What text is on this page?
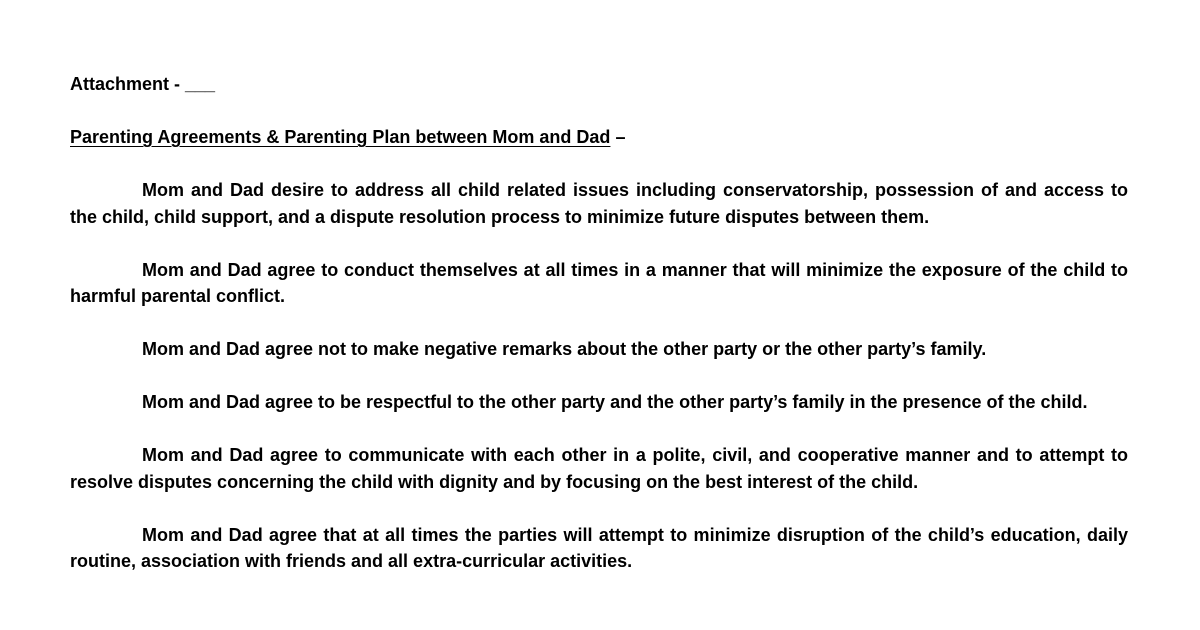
Attachment - ___
Parenting Agreements & Parenting Plan between Mom and Dad –

Mom and Dad desire to address all child related issues including conservatorship, possession of and access to the child, child support, and a dispute resolution process to minimize future disputes between them.

Mom and Dad agree to conduct themselves at all times in a manner that will minimize the exposure of the child to harmful parental conflict.

Mom and Dad agree not to make negative remarks about the other party or the other party’s family.

Mom and Dad agree to be respectful to the other party and the other party’s family in the presence of the child.

Mom and Dad agree to communicate with each other in a polite, civil, and cooperative manner and to attempt to resolve disputes concerning the child with dignity and by focusing on the best interest of the child.

Mom and Dad agree that at all times the parties will attempt to minimize disruption of the child’s education, daily routine, association with friends and all extra-curricular activities.
